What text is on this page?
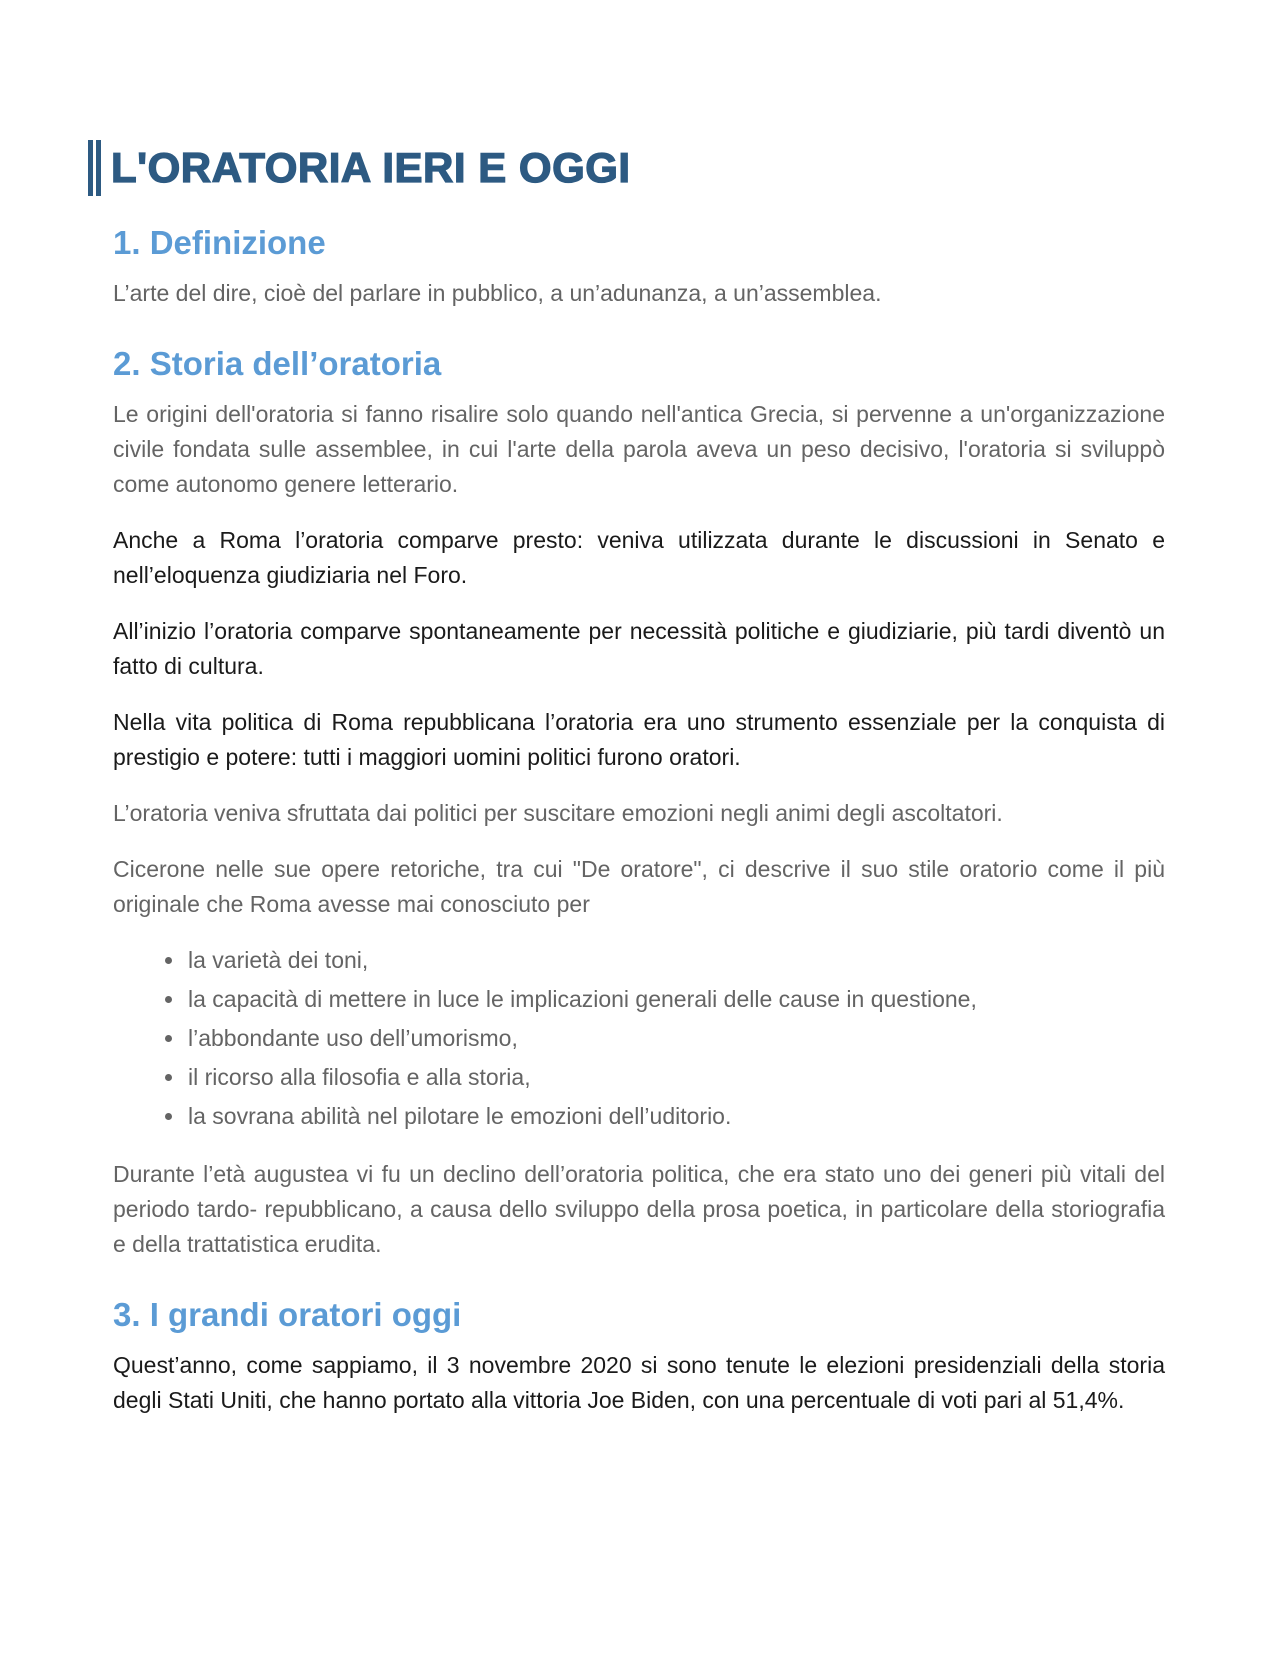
L'ORATORIA IERI E OGGI
1. Definizione

L’arte del dire, cioè del parlare in pubblico, a un’adunanza, a un’assemblea.

2. Storia dell’oratoria

Le origini dell'oratoria si fanno risalire solo quando nell'antica Grecia, si pervenne a un'organizzazione civile fondata sulle assemblee, in cui l'arte della parola aveva un peso decisivo, l'oratoria si sviluppò come autonomo genere letterario.

Anche a Roma l’oratoria comparve presto: veniva utilizzata durante le discussioni in Senato e nell’eloquenza giudiziaria nel Foro.

All’inizio l’oratoria comparve spontaneamente per necessità politiche e giudiziarie, più tardi diventò un fatto di cultura.

Nella vita politica di Roma repubblicana l’oratoria era uno strumento essenziale per la conquista di prestigio e potere: tutti i maggiori uomini politici furono oratori.

L’oratoria veniva sfruttata dai politici per suscitare emozioni negli animi degli ascoltatori.

Cicerone nelle sue opere retoriche, tra cui "De oratore", ci descrive il suo stile oratorio come il più originale che Roma avesse mai conosciuto per

• la varietà dei toni,
• la capacità di mettere in luce le implicazioni generali delle cause in questione,
• l’abbondante uso dell’umorismo,
• il ricorso alla filosofia e alla storia,
• la sovrana abilità nel pilotare le emozioni dell’uditorio.

Durante l’età augustea vi fu un declino dell’oratoria politica, che era stato uno dei generi più vitali del periodo tardo- repubblicano, a causa dello sviluppo della prosa poetica, in particolare della storiografia e della trattatistica erudita.

3. I grandi oratori oggi

Quest’anno, come sappiamo, il 3 novembre 2020 si sono tenute le elezioni presidenziali della storia degli Stati Uniti, che hanno portato alla vittoria Joe Biden, con una percentuale di voti pari al 51,4%.
